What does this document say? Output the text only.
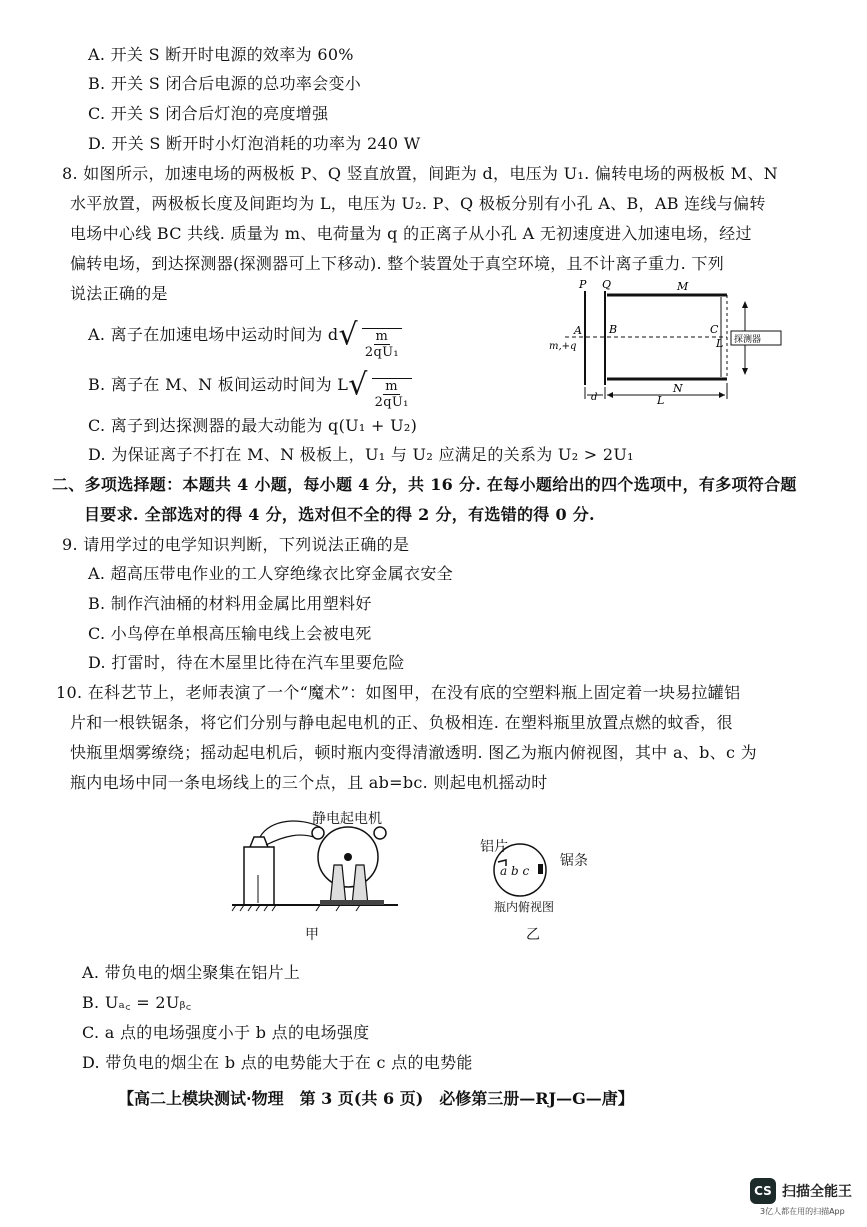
A. 开关 S 断开时电源的效率为 60%
B. 开关 S 闭合后电源的总功率会变小
C. 开关 S 闭合后灯泡的亮度增强
D. 开关 S 断开时小灯泡消耗的功率为 240 W
8. 如图所示，加速电场的两极板 P、Q 竖直放置，间距为 d，电压为 U₁. 偏转电场的两极板 M、N
水平放置，两极板长度及间距均为 L，电压为 U₂. P、Q 极板分别有小孔 A、B，AB 连线与偏转
电场中心线 BC 共线. 质量为 m、电荷量为 q 的正离子从小孔 A 无初速度进入加速电场，经过
偏转电场，到达探测器(探测器可上下移动). 整个装置处于真空环境，且不计离子重力. 下列
说法正确的是
A. 离子在加速电场中运动时间为 $d√ \frac{m}{\text{2qU₁}}$
B. 离子在 M、N 板间运动时间为 $L√ \frac{m}{\text{2qU₁}}$
C. 离子到达探测器的最大动能为 q(U₁ + U₂)
D. 为保证离子不打在 M、N 极板上，U₁ 与 U₂ 应满足的关系为 U₂ > 2U₁
P Q	M
N
A B	C
L
L
d
m,+q
探测器
二、多项选择题：本题共 4 小题，每小题 4 分，共 16 分. 在每小题给出的四个选项中，有多项符合题
目要求. 全部选对的得 4 分，选对但不全的得 2 分，有选错的得 0 分.
9. 请用学过的电学知识判断，下列说法正确的是
A. 超高压带电作业的工人穿绝缘衣比穿金属衣安全
B. 制作汽油桶的材料用金属比用塑料好
C. 小鸟停在单根高压输电线上会被电死
D. 打雷时，待在木屋里比待在汽车里要危险
10. 在科艺节上，老师表演了一个“魔术”：如图甲，在没有底的空塑料瓶上固定着一块易拉罐铝
片和一根铁锯条，将它们分别与静电起电机的正、负极相连. 在塑料瓶里放置点燃的蚊香，很
快瓶里烟雾缭绕；摇动起电机后，顿时瓶内变得清澈透明. 图乙为瓶内俯视图，其中 a、b、c 为
瓶内电场中同一条电场线上的三个点，且 ab=bc. 则起电机摇动时
静电起电机
甲
铝片
锯条
a b c
瓶内俯视图
乙
A. 带负电的烟尘聚集在铝片上
B. Uₐ꜀ = 2Uᵦ꜀
C. a 点的电场强度小于 b 点的电场强度
D. 带负电的烟尘在 b 点的电势能大于在 c 点的电势能
【高二上模块测试·物理　第 3 页(共 6 页)　必修第三册—RJ—G—唐】
CS 扫描全能王
3亿人都在用的扫描App
